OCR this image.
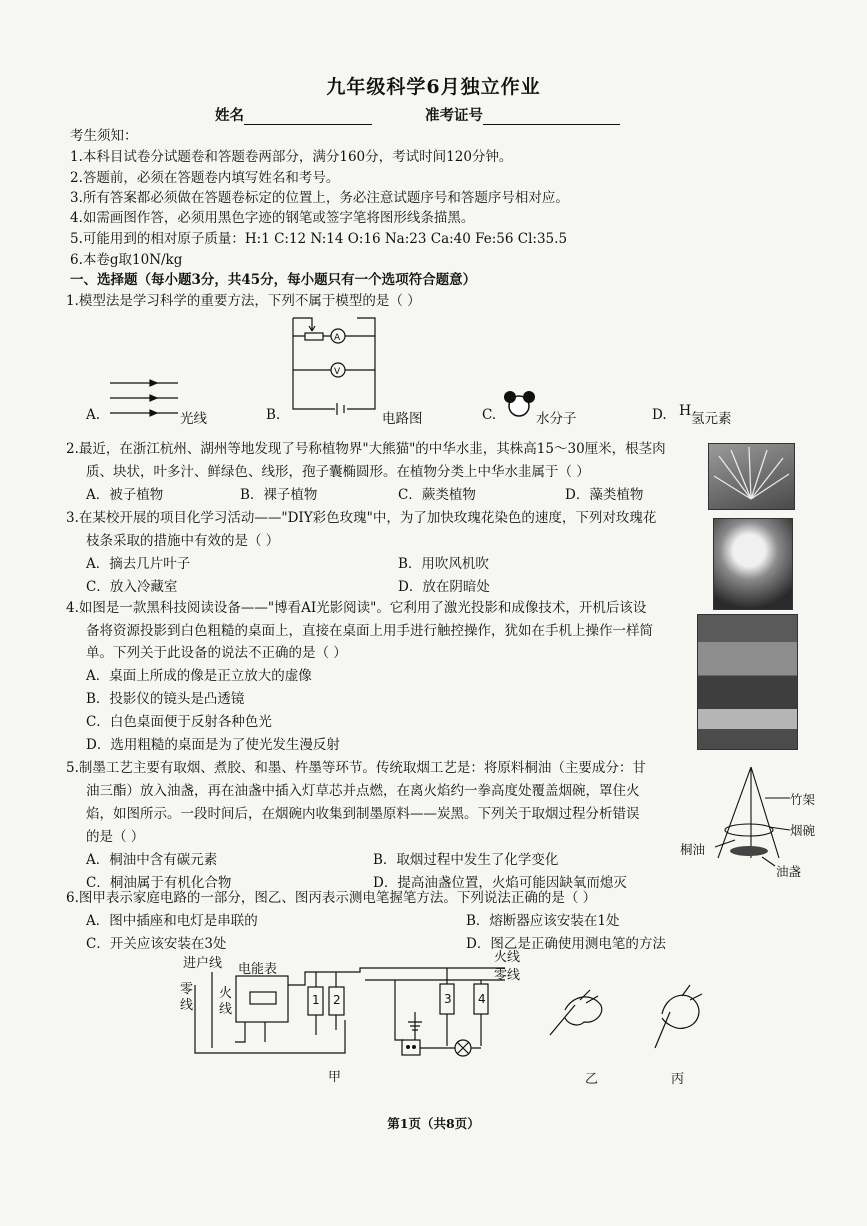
九年级科学6月独立作业
姓名	准考证号
考生须知：
1.本科目试卷分试题卷和答题卷两部分，满分160分，考试时间120分钟。
2.答题前，必须在答题卷内填写姓名和考号。
3.所有答案都必须做在答题卷标定的位置上，务必注意试题序号和答题序号相对应。
4.如需画图作答，必须用黑色字迹的钢笔或签字笔将图形线条描黑。
5.可能用到的相对原子质量：H:1 C:12 N:14 O:16 Na:23 Ca:40 Fe:56 Cl:35.5
6.本卷g取10N/kg
一、选择题（每小题3分，共45分，每小题只有一个选项符合题意）
1.模型法是学习科学的重要方法，下列不属于模型的是（ ）
A
V
A.	光线	B.	电路图	C.	水分子	D. H 氢元素
2.最近，在浙江杭州、湖州等地发现了号称植物界"大熊猫"的中华水韭，其株高15～30厘米，根茎肉
质、块状，叶多汁、鲜绿色、线形，孢子囊椭圆形。在植物分类上中华水韭属于（ ）
A．被子植物	B．裸子植物	C．蕨类植物	D．藻类植物
3.在某校开展的项目化学习活动——"DIY彩色玫瑰"中，为了加快玫瑰花染色的速度，下列对玫瑰花
枝条采取的措施中有效的是（ ）
A．摘去几片叶子	B．用吹风机吹
C．放入冷藏室	D．放在阴暗处
4.如图是一款黑科技阅读设备——"博看AI光影阅读"。它利用了激光投影和成像技术，开机后该设
备将资源投影到白色粗糙的桌面上，直接在桌面上用手进行触控操作，犹如在手机上操作一样简
单。下列关于此设备的说法不正确的是（ ）
A．桌面上所成的像是正立放大的虚像
B．投影仪的镜头是凸透镜
C．白色桌面便于反射各种色光
D．选用粗糙的桌面是为了使光发生漫反射
5.制墨工艺主要有取烟、煮胶、和墨、杵墨等环节。传统取烟工艺是：将原料桐油（主要成分：甘
油三酯）放入油盏，再在油盏中插入灯草芯并点燃，在离火焰约一拳高度处覆盖烟碗，罩住火
焰，如图所示。一段时间后，在烟碗内收集到制墨原料——炭黑。下列关于取烟过程分析错误
的是（ ）
A．桐油中含有碳元素	B．取烟过程中发生了化学变化
C．桐油属于有机化合物	D．提高油盏位置，火焰可能因缺氧而熄灭
竹架
烟碗
桐油
油盏
6.图甲表示家庭电路的一部分，图乙、图丙表示测电笔握笔方法。下列说法正确的是（ ）
A．图中插座和电灯是串联的	B．熔断器应该安装在1处
C．开关应该安装在3处	D．图乙是正确使用测电笔的方法
进户线 电能表
火线
零线
零线
火线
1 2	3 4
甲	乙	丙
第1页（共8页）
